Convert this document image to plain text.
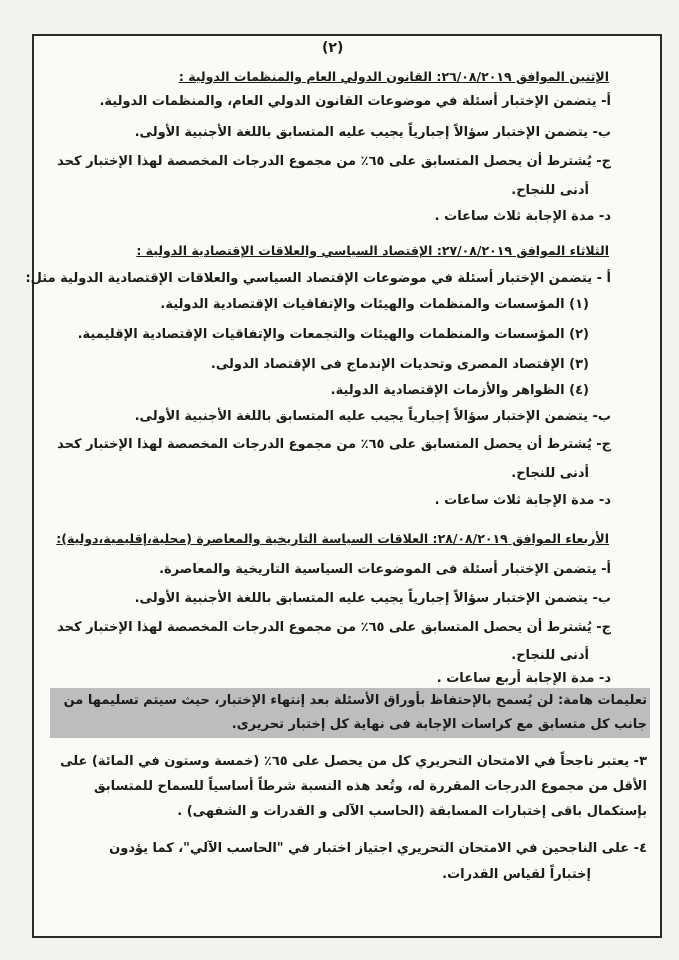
(٢)
الإثنين الموافق ٢٦/٠٨/٢٠١٩: القانون الدولي العام والمنظمات الدولية :
أ- يتضمن الإختبار أسئلة في موضوعات القانون الدولي العام، والمنظمات الدولية.
ب- يتضمن الإختبار سؤالاً إجبارياً يجيب عليه المتسابق باللغة الأجنبية الأولى.
ج- يُشترط أن يحصل المتسابق على ٦٥٪ من مجموع الدرجات المخصصة لهذا الإختبار كحد
أدنى للنجاح.
د- مدة الإجابة ثلاث ساعات .
الثلاثاء الموافق ٢٧/٠٨/٢٠١٩: الإقتصاد السياسي والعلاقات الإقتصادية الدولية :
أ - يتضمن الإختبار أسئلة في موضوعات الإقتصاد السياسي والعلاقات الإقتصادية الدولية مثل:
(١) المؤسسات والمنظمات والهيئات والإتفاقيات الإقتصادية الدولية.
(٢) المؤسسات والمنظمات والهيئات والتجمعات والإتفاقيات الإقتصادية الإقليمية.
(٣) الإقتصاد المصرى وتحديات الإندماج فى الإقتصاد الدولى.
(٤) الظواهر والأزمات الإقتصادية الدولية.
ب- يتضمن الإختبار سؤالاً إجبارياً يجيب عليه المتسابق باللغة الأجنبية الأولى.
ج- يُشترط أن يحصل المتسابق على ٦٥٪ من مجموع الدرجات المخصصة لهذا الإختبار كحد
أدنى للنجاح.
د- مدة الإجابة ثلاث ساعات .
الأربعاء الموافق ٢٨/٠٨/٢٠١٩: العلاقات السياسة التاريخية والمعاصرة (محلية،إقليمية،دولية):
أ- يتضمن الإختبار أسئلة فى الموضوعات السياسية التاريخية والمعاصرة.
ب- يتضمن الإختبار سؤالاً إجبارياً يجيب عليه المتسابق باللغة الأجنبية الأولى.
ج- يُشترط أن يحصل المتسابق على ٦٥٪ من مجموع الدرجات المخصصة لهذا الإختبار كحد
أدنى للنجاح.
د- مدة الإجابة أربع ساعات .
تعليمات هامة: لن يُسمح بالإحتفاظ بأوراق الأسئلة بعد إنتهاء الإختبار، حيث سيتم تسليمها من
جانب كل متسابق مع كراسات الإجابة فى نهاية كل إختبار تحريرى.
٣- يعتبر ناجحاً في الامتحان التحريري كل من يحصل على ٦٥٪ (خمسة وستون في المائة) على
الأقل من مجموع الدرجات المقررة له، وتُعد هذه النسبة شرطاً أساسياً للسماح للمتسابق
بإستكمال باقى إختبارات المسابقة (الحاسب الآلى و القدرات و الشفهى) .
٤- على الناجحين في الامتحان التحريري اجتياز اختبار في "الحاسب الآلي"، كما يؤدون
إختباراً لقياس القدرات.
